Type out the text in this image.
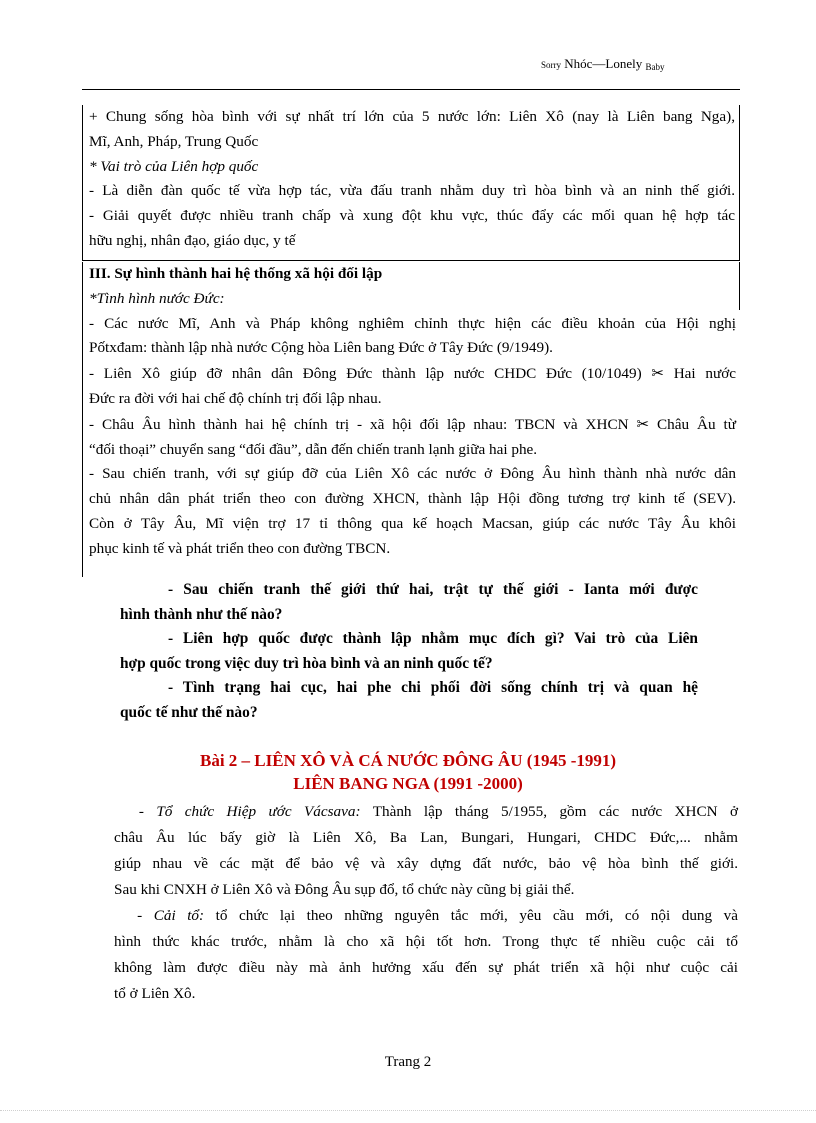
Sorry Nhóc—Lonely Baby
+ Chung sống hòa bình với sự nhất trí lớn của 5 nước lớn: Liên Xô (nay là Liên bang Nga),
Mĩ, Anh, Pháp, Trung Quốc
* Vai trò của Liên hợp quốc
- Là diễn đàn quốc tế vừa hợp tác, vừa đấu tranh nhằm duy trì hòa bình và an ninh thế giới.
- Giải quyết được nhiều tranh chấp và xung đột khu vực, thúc đẩy các mối quan hệ hợp tác
hữu nghị, nhân đạo, giáo dục, y tế
III. Sự hình thành hai hệ thống xã hội đối lập
*Tình hình nước Đức:
- Các nước Mĩ, Anh và Pháp không nghiêm chỉnh thực hiện các điều khoản của Hội nghị
Pốtxđam: thành lập nhà nước Cộng hòa Liên bang Đức ở Tây Đức (9/1949).
- Liên Xô giúp đỡ nhân dân Đông Đức thành lập nước CHDC Đức (10/1049) ✂ Hai nước
Đức ra đời với hai chế độ chính trị đối lập nhau.
- Châu Âu hình thành hai hệ chính trị - xã hội đối lập nhau: TBCN và XHCN ✂ Châu Âu từ
“đối thoại” chuyển sang “đối đầu”, dẫn đến chiến tranh lạnh giữa hai phe.
- Sau chiến tranh, với sự giúp đỡ của Liên Xô các nước ở Đông Âu hình thành nhà nước dân
chủ nhân dân phát triển theo con đường XHCN, thành lập Hội đồng tương trợ kinh tế (SEV).
Còn ở Tây Âu, Mĩ viện trợ 17 tỉ thông qua kế hoạch Macsan, giúp các nước Tây Âu khôi
phục kinh tế và phát triển theo con đường TBCN.
- Sau chiến tranh thế giới thứ hai, trật tự thế giới - Ianta mới được
hình thành như thế nào?
- Liên hợp quốc được thành lập nhằm mục đích gì? Vai trò của Liên
hợp quốc trong việc duy trì hòa bình và an ninh quốc tế?
- Tình trạng hai cục, hai phe chi phối đời sống chính trị và quan hệ
quốc tế như thế nào?
Bài 2 – LIÊN XÔ VÀ CÁ NƯỚC ĐÔNG ÂU (1945 -1991)
LIÊN BANG NGA (1991 -2000)
- Tổ chức Hiệp ước Vácsava: Thành lập tháng 5/1955, gồm các nước XHCN ở
châu Âu lúc bấy giờ là Liên Xô, Ba Lan, Bungari, Hungari, CHDC Đức,... nhằm
giúp nhau về các mặt để bảo vệ và xây dựng đất nước, bảo vệ hòa bình thế giới.
Sau khi CNXH ở Liên Xô và Đông Âu sụp đổ, tổ chức này cũng bị giải thể.
- Cải tổ: tổ chức lại theo những nguyên tắc mới, yêu cầu mới, có nội dung và
hình thức khác trước, nhằm là cho xã hội tốt hơn. Trong thực tế nhiều cuộc cải tổ
không làm được điều này mà ảnh hưởng xấu đến sự phát triển xã hội như cuộc cải
tổ ở Liên Xô.
Trang 2
